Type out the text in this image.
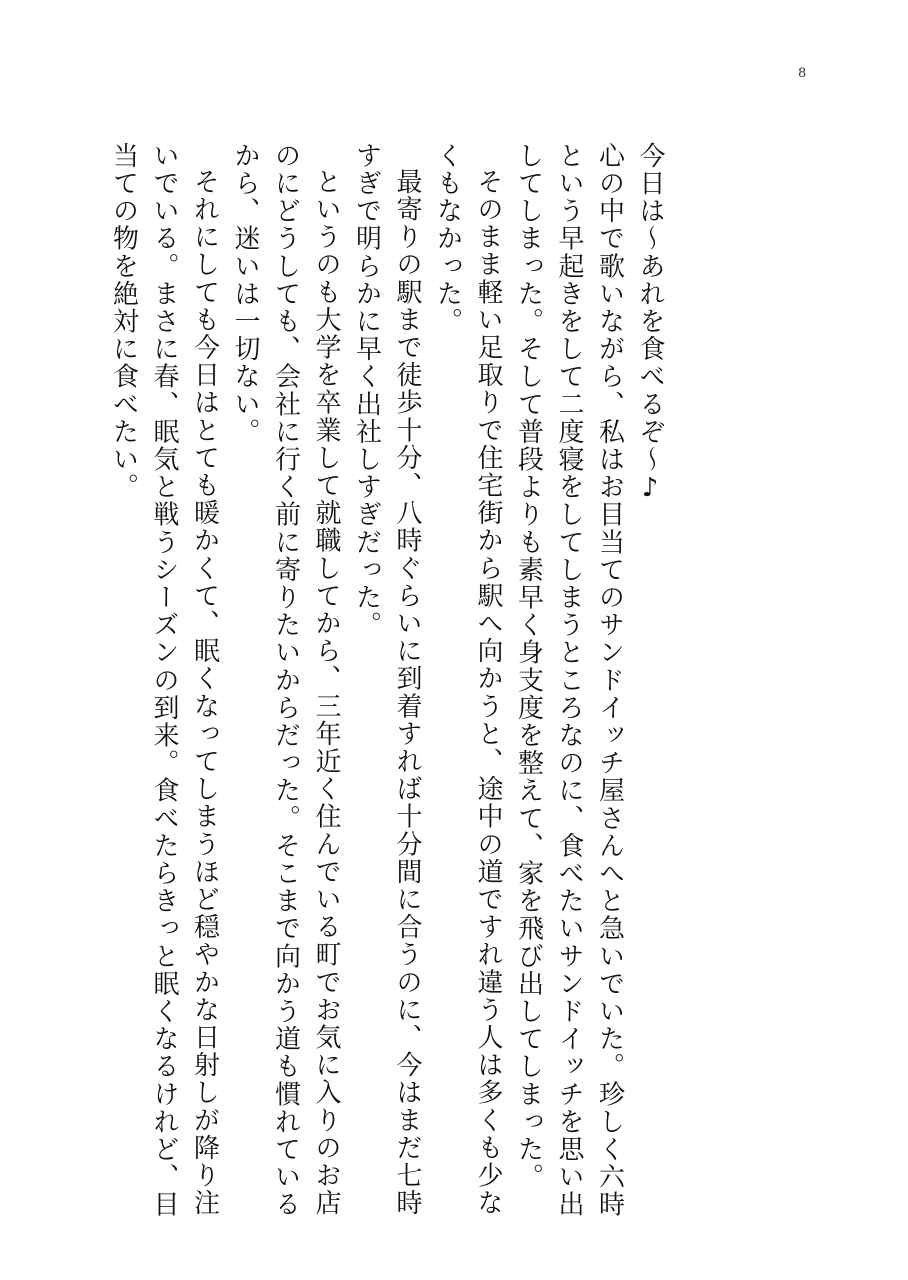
8

今日は～あれを食べるぞ～♪

心の中で歌いながら、私はお目当てのサンドイッチ屋さんへと急いでいた。珍しく六時という早起きをして二度寝をしてしまうところなのに、食べたいサンドイッチを思い出してしまった。そして普段よりも素早く身支度を整えて、家を飛び出してしまった。

そのまま軽い足取りで住宅街から駅へ向かうと、途中の道ですれ違う人は多くも少なくもなかった。

最寄りの駅まで徒歩十分、八時ぐらいに到着すれば十分間に合うのに、今はまだ七時すぎで明らかに早く出社しすぎだった。

というのも大学を卒業して就職してから、三年近く住んでいる町でお気に入りのお店のにどうしても、会社に行く前に寄りたいからだった。そこまで向かう道も慣れているから、迷いは一切ない。

それにしても今日はとても暖かくて、眠くなってしまうほど穏やかな日射しが降り注いでいる。まさに春、眠気と戦うシーズンの到来。食べたらきっと眠くなるけれど、目当ての物を絶対に食べたい。
